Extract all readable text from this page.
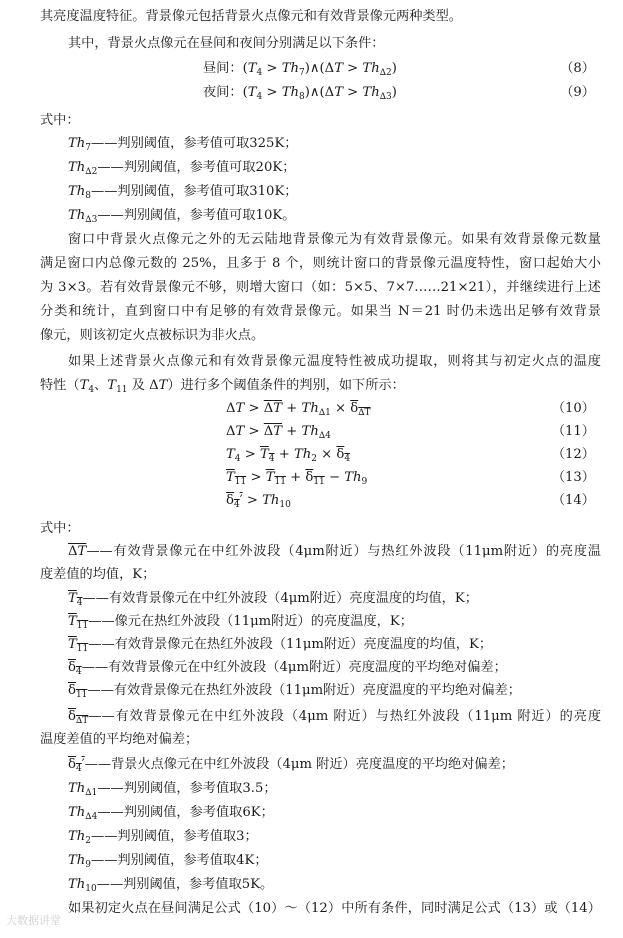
其亮度温度特征。背景像元包括背景火点像元和有效背景像元两种类型。
其中，背景火点像元在昼间和夜间分别满足以下条件：
昼间：($T_4$ > $Th_7)\wedge(\Delta T > Th_{\Delta 2})$	（8）
夜间：($T_4$ > $Th_8)\wedge(\Delta T > Th_{\Delta 3})$	（9）
式中：
$Th_7——$判别阈值，参考值可取325K；
$Th_{\Delta 2}——$判别阈值，参考值可取20K；
$Th_8——$判别阈值，参考值可取310K；
$Th_{\Delta 3}——$判别阈值，参考值可取10K。
窗口中背景火点像元之外的无云陆地背景像元为有效背景像元。如果有效背景像元数量
满足窗口内总像元数的 25%，且多于 8 个，则统计窗口的背景像元温度特性，窗口起始大小
为 3×3。若有效背景像元不够，则增大窗口（如：5×5、7×7……21×21），并继续进行上述
分类和统计，直到窗口中有足够的有效背景像元。如果当 N＝21 时仍未选出足够有效背景
像元，则该初定火点被标识为非火点。
如果上述背景火点像元和有效背景像元温度特性被成功提取，则将其与初定火点的温度
特性（$T_4$、$T_{11}$ 及 ΔT）进行多个阈值条件的判别，如下所示：
$\Delta T > \Delta T + Th_{\Delta 1} \times \delta_{\Delta T}$	（10）
$\Delta T > \Delta T + Th_{\Delta 4}$	（11）
$T_4 > T_4 + Th_2 \times \delta_4$	（12）
$T_{11} > T_{11} + \delta_{11} - Th_9$	（13）
$\delta_4' > Th_{10}$	（14）
式中：
ΔT——有效背景像元在中红外波段（4μm附近）与热红外波段（11μm附近）的亮度温
度差值的均值，K；
$T_4——$有效背景像元在中红外波段（4μm附近）亮度温度的均值，K；
$T_{11}——$像元在热红外波段（11μm附近）的亮度温度，K；
$T_{11}——$有效背景像元在热红外波段（11μm附近）亮度温度的均值，K；
$\delta_4——$有效背景像元在中红外波段（4μm附近）亮度温度的平均绝对偏差；
$\delta_{11}——$有效背景像元在热红外波段（11μm附近）亮度温度的平均绝对偏差；
$\delta_{\Delta T}——$有效背景像元在中红外波段（4μm 附近）与热红外波段（11μm 附近）的亮度
温度差值的平均绝对偏差；
$\delta_4'——$背景火点像元在中红外波段（4μm 附近）亮度温度的平均绝对偏差；
$Th_{\Delta 1}——$判别阈值，参考值取3.5；
$Th_{\Delta 4}——$判别阈值，参考值取6K；
$Th_2——$判别阈值，参考值取3；
$Th_9——$判别阈值，参考值取4K；
$Th_{10}——$判别阈值，参考值取5K。
如果初定火点在昼间满足公式（10）～（12）中所有条件，同时满足公式（13）或（14）
大数据讲堂
